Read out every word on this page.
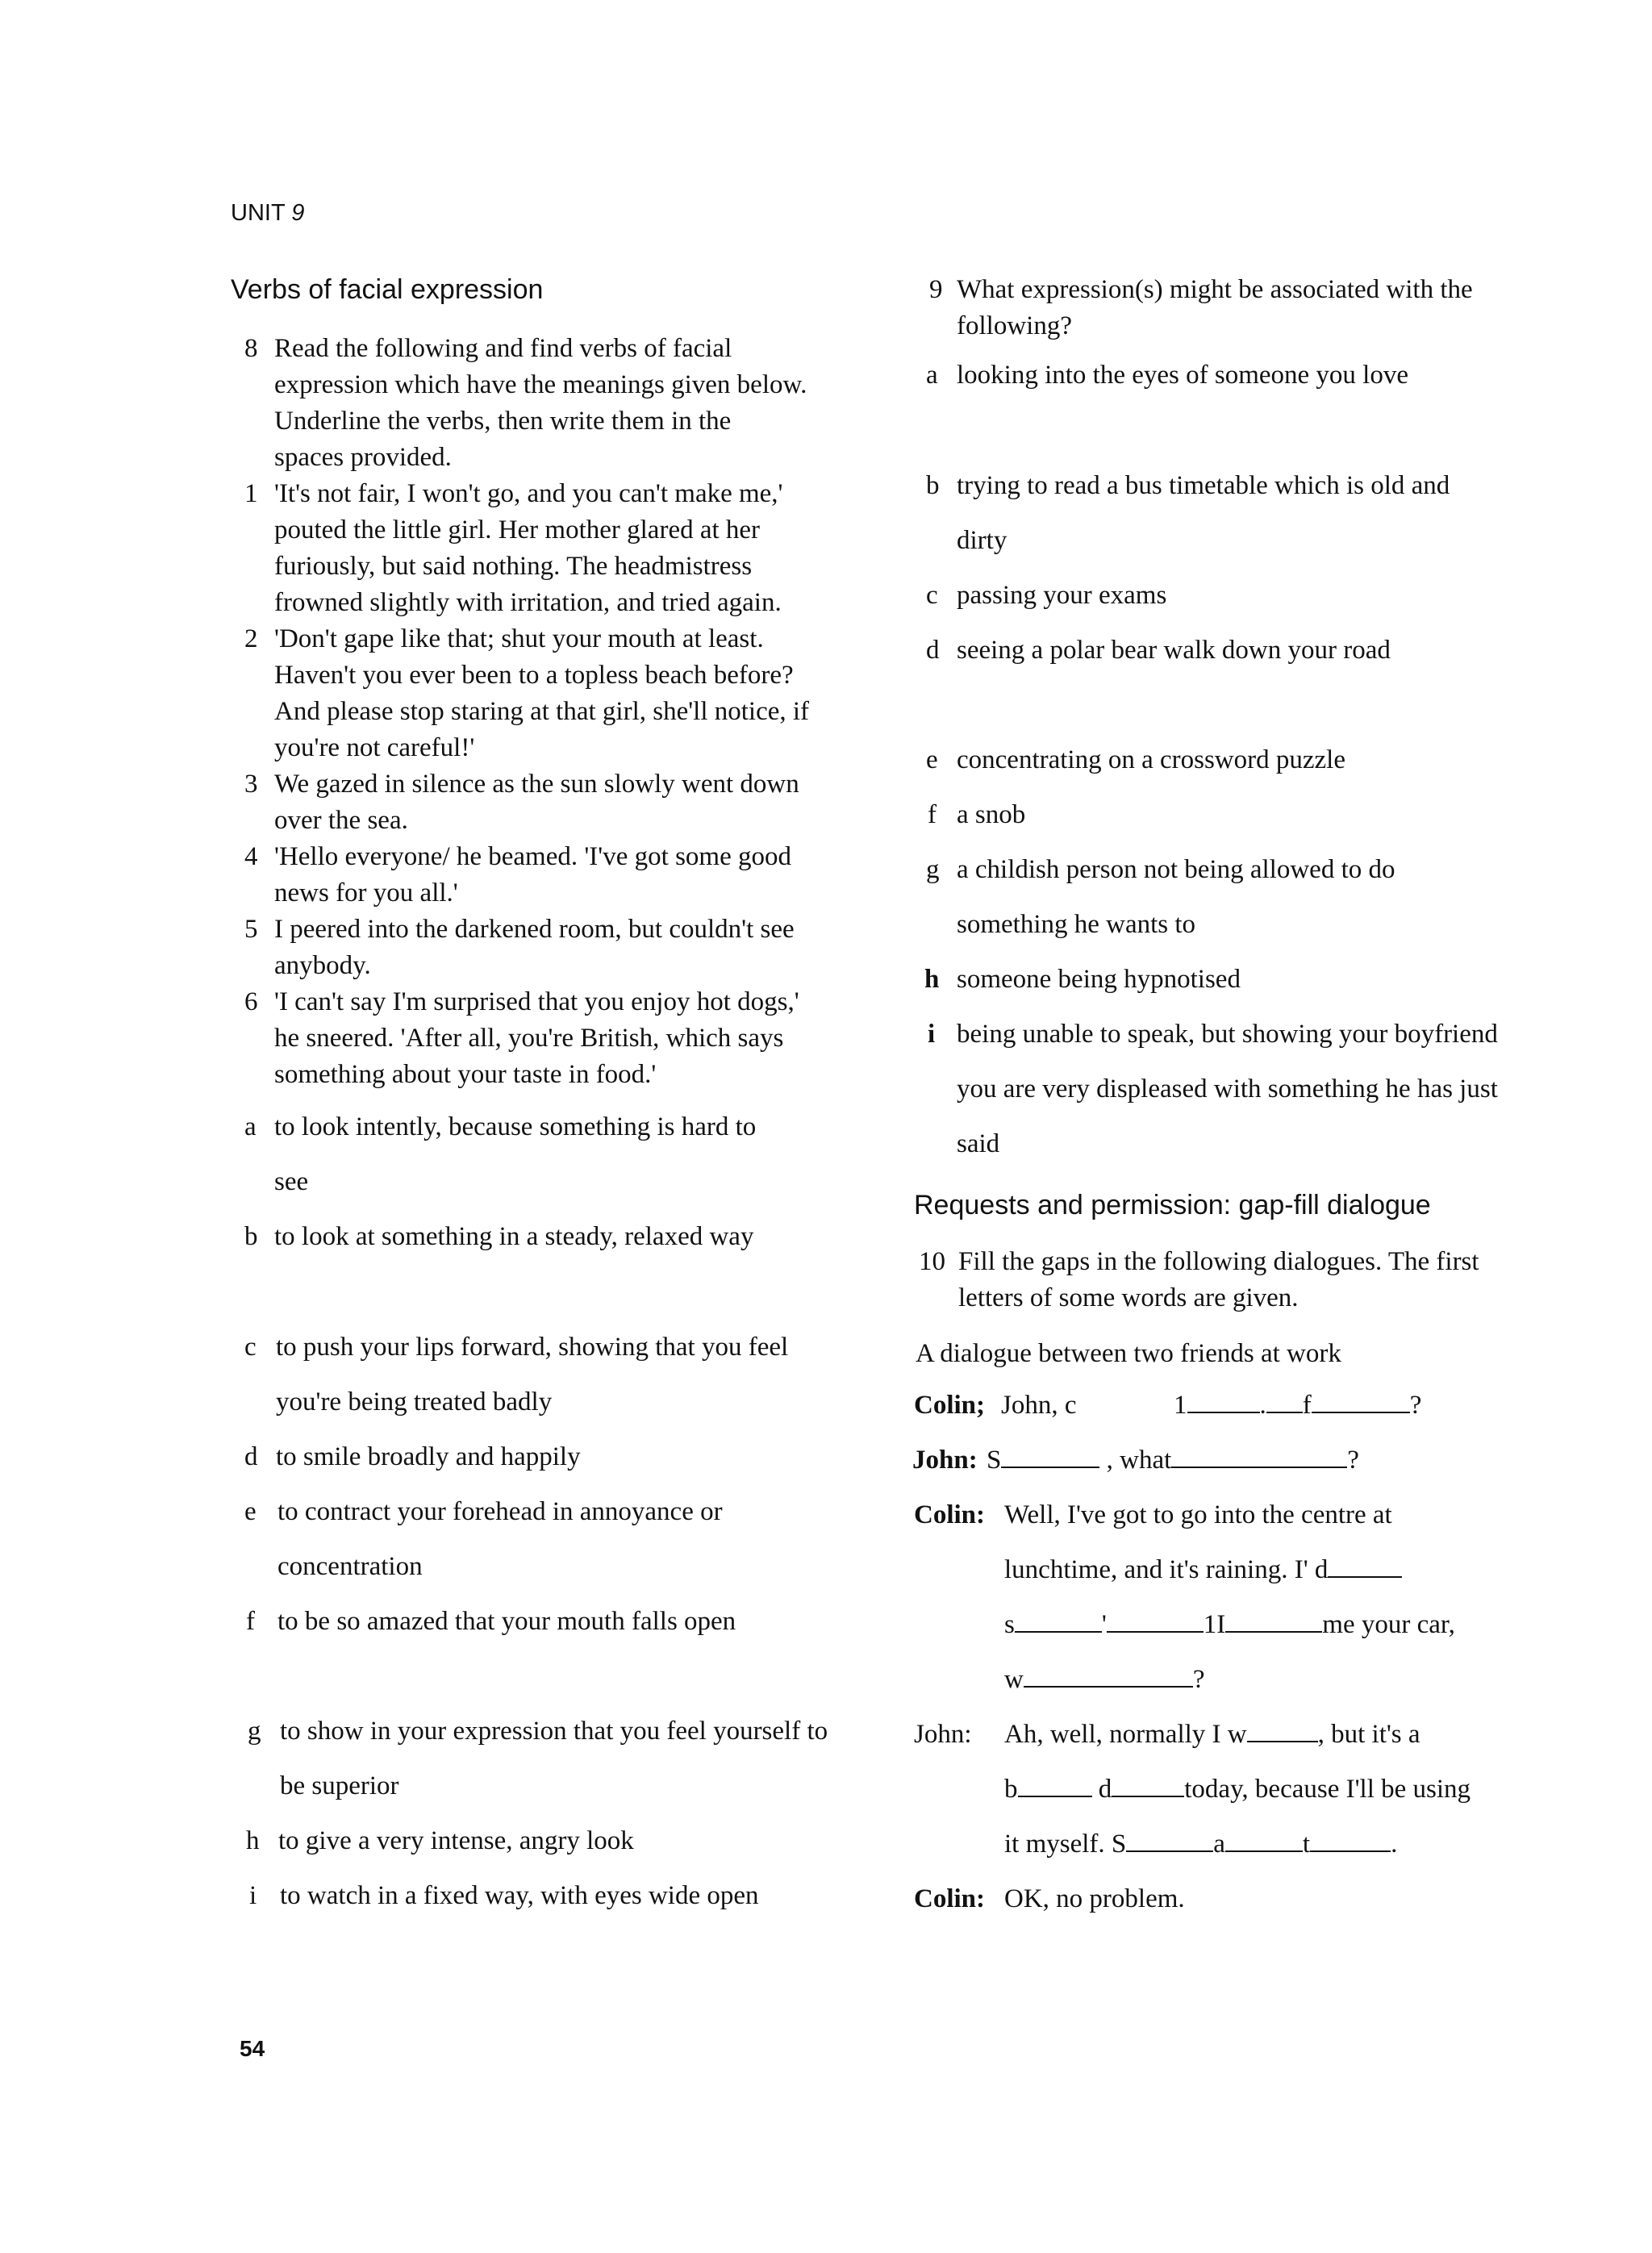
UNIT 9
Verbs of facial expression
8 Read the following and find verbs of facial
expression which have the meanings given below.
Underline the verbs, then write them in the
spaces provided.
1 'It's not fair, I won't go, and you can't make me,'
pouted the little girl. Her mother glared at her
furiously, but said nothing. The headmistress
frowned slightly with irritation, and tried again.
2 'Don't gape like that; shut your mouth at least.
Haven't you ever been to a topless beach before?
And please stop staring at that girl, she'll notice, if
you're not careful!'
3 We gazed in silence as the sun slowly went down
over the sea.
4 'Hello everyone/ he beamed. 'I've got some good
news for you all.'
5 I peered into the darkened room, but couldn't see
anybody.
6 'I can't say I'm surprised that you enjoy hot dogs,'
he sneered. 'After all, you're British, which says
something about your taste in food.'
a to look intently, because something is hard to
see
b to look at something in a steady, relaxed way
c to push your lips forward, showing that you feel
you're being treated badly
d to smile broadly and happily
e to contract your forehead in annoyance or
concentration
f to be so amazed that your mouth falls open
g to show in your expression that you feel yourself to
be superior
h to give a very intense, angry look
i to watch in a fixed way, with eyes wide open
9 What expression(s) might be associated with the
following?
a looking into the eyes of someone you love
b trying to read a bus timetable which is old and
dirty
c passing your exams
d seeing a polar bear walk down your road
e concentrating on a crossword puzzle
f a snob
g a childish person not being allowed to do
something he wants to
h someone being hypnotised
i being unable to speak, but showing your boyfriend
you are very displeased with something he has just
said
Requests and permission: gap-fill dialogue
10 Fill the gaps in the following dialogues. The first
letters of some words are given.
A dialogue between two friends at work
Colin; John, c	1	. f	?
John: S	, what	?
Colin: Well, I've got to go into the centre at
lunchtime, and it's raining. I' d
s	'	1I	me your car,
w	?
John: Ah, well, normally I w	, but it's a
b	d	today, because I'll be using
it myself. S	a	t	.
Colin: OK, no problem.
54
